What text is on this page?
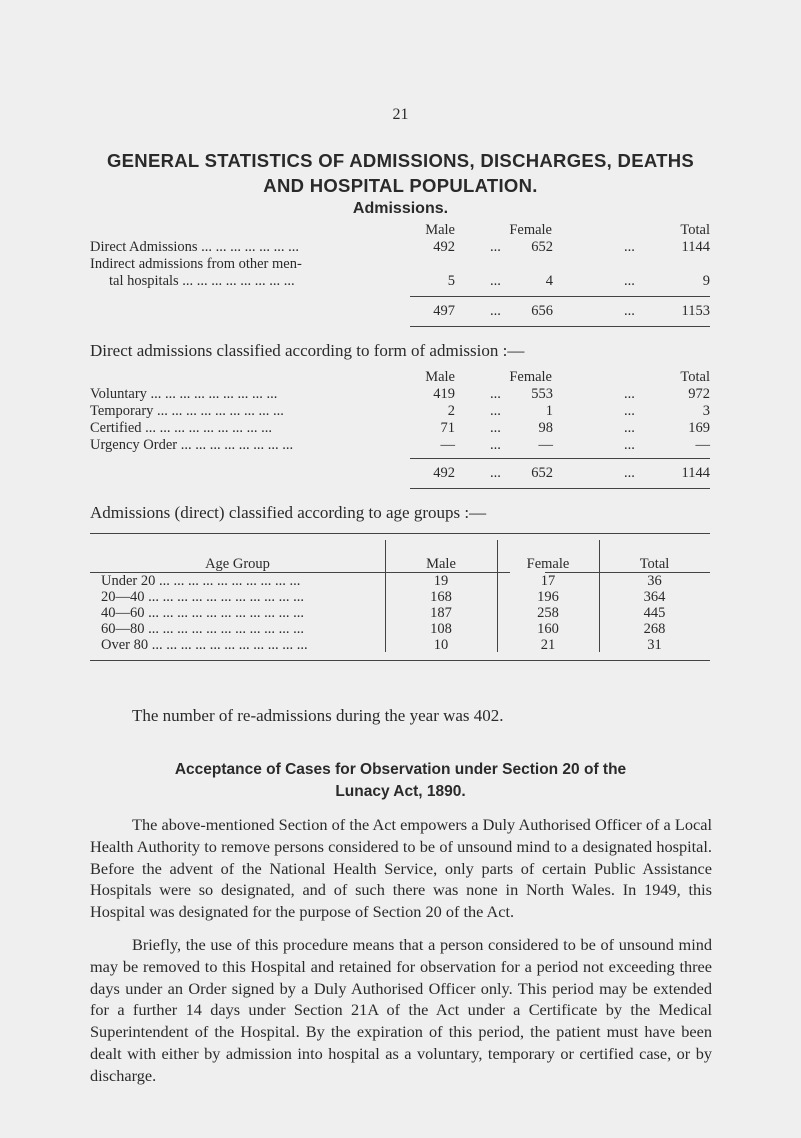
21
GENERAL STATISTICS OF ADMISSIONS, DISCHARGES, DEATHS
AND HOSPITAL POPULATION.
Admissions.
Male	Female	Total
Direct Admissions ... ... ... ... ... ... ...	492 ...	652	...	1144
Indirect admissions from other men-
tal hospitals ... ... ... ... ... ... ... ...	5 ...	4	...	9
497 ...	656	...	1153
Direct admissions classified according to form of admission :—
Male	Female	Total
Voluntary ... ... ... ... ... ... ... ... ...	419 ...	553	...	972
Temporary ... ... ... ... ... ... ... ... ...	2 ...	1	...	3
Certified ... ... ... ... ... ... ... ... ...	71 ...	98	...	169
Urgency Order ... ... ... ... ... ... ... ...	— ...	—	...	—
492 ...	652	...	1144
Admissions (direct) classified according to age groups :—
Age Group	Male	Female	Total
Under 20 ... ... ... ... ... ... ... ... ... ...	19	17	36
20—40 ... ... ... ... ... ... ... ... ... ... ...	168	196	364
40—60 ... ... ... ... ... ... ... ... ... ... ...	187	258	445
60—80 ... ... ... ... ... ... ... ... ... ... ...	108	160	268
Over 80 ... ... ... ... ... ... ... ... ... ... ...	10	21	31
The number of re-admissions during the year was 402.
Acceptance of Cases for Observation under Section 20 of the
Lunacy Act, 1890.

The above-mentioned Section of the Act empowers a Duly Authorised Officer of a Local Health Authority to remove persons considered to be of unsound mind to a designated hospital. Before the advent of the National Health Service, only parts of certain Public Assistance Hospitals were so designated, and of such there was none in North Wales. In 1949, this Hospital was designated for the purpose of Section 20 of the Act.

Briefly, the use of this procedure means that a person considered to be of unsound mind may be removed to this Hospital and retained for observation for a period not exceeding three days under an Order signed by a Duly Authorised Officer only. This period may be extended for a further 14 days under Section 21A of the Act under a Certificate by the Medical Superintendent of the Hospital. By the expiration of this period, the patient must have been dealt with either by admission into hospital as a voluntary, temporary or certified case, or by discharge.
